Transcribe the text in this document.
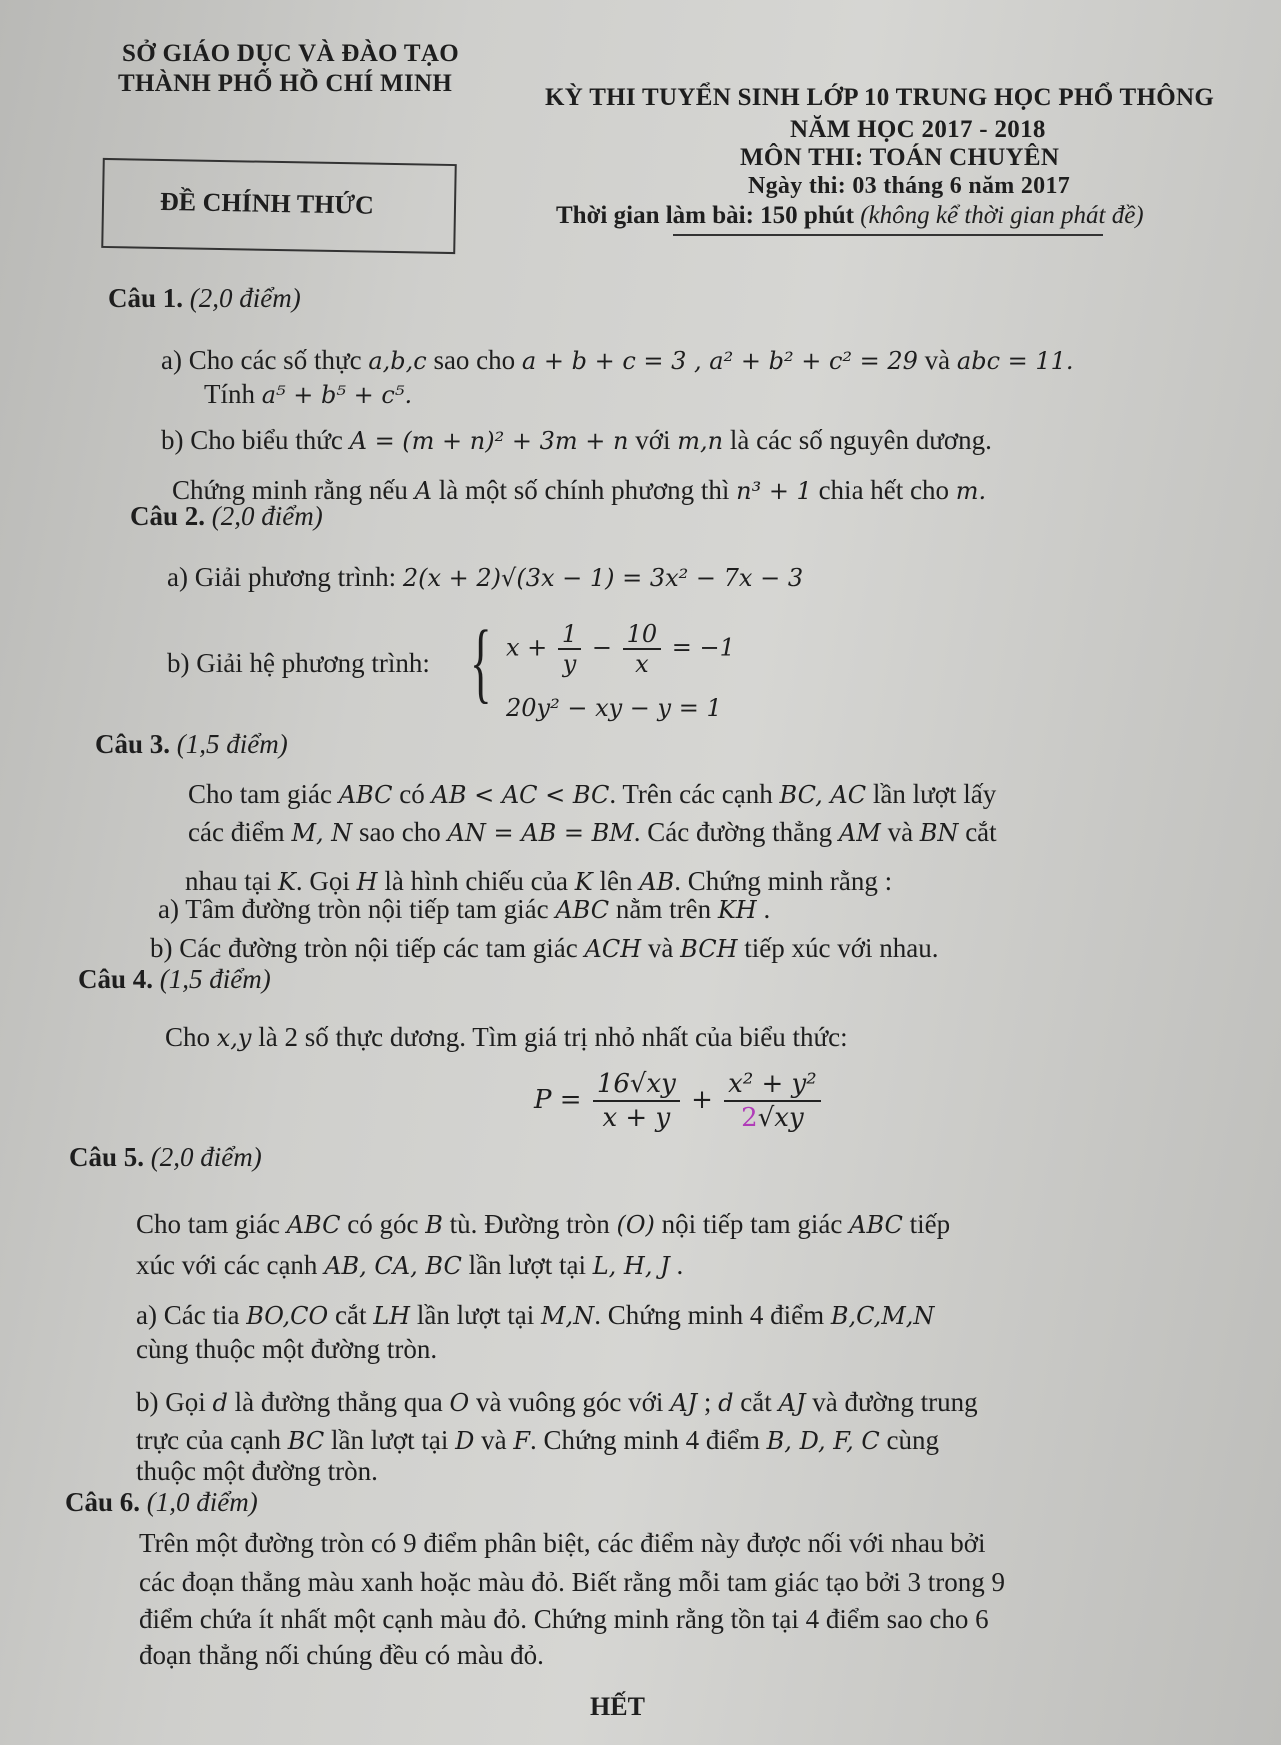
SỞ GIÁO DỤC VÀ ĐÀO TẠO
THÀNH PHỐ HỒ CHÍ MINH
ĐỀ CHÍNH THỨC
KỲ THI TUYỂN SINH LỚP 10 TRUNG HỌC PHỔ THÔNG
NĂM HỌC 2017 - 2018
MÔN THI: TOÁN CHUYÊN
Ngày thi: 03 tháng 6 năm 2017
Thời gian làm bài: 150 phút (không kể thời gian phát đề)
Câu 1. (2,0 điểm)
a) Cho các số thực a,b,c sao cho a + b + c = 3 , a² + b² + c² = 29 và abc = 11.
Tính a⁵ + b⁵ + c⁵.
b) Cho biểu thức A = (m + n)² + 3m + n với m,n là các số nguyên dương.
Chứng minh rằng nếu A là một số chính phương thì n³ + 1 chia hết cho m.
Câu 2. (2,0 điểm)
a) Giải phương trình: 2(x + 2)√(3x − 1) = 3x² − 7x − 3
b) Giải hệ phương trình: { $x + \frac{1}{y} - \frac{10}{x} = -1$
20y² − xy − y = 1
Câu 3. (1,5 điểm)
Cho tam giác ABC có AB < AC < BC. Trên các cạnh BC, AC lần lượt lấy
các điểm M, N sao cho AN = AB = BM. Các đường thẳng AM và BN cắt
nhau tại K. Gọi H là hình chiếu của K lên AB. Chứng minh rằng :
a) Tâm đường tròn nội tiếp tam giác ABC nằm trên KH .
b) Các đường tròn nội tiếp các tam giác ACH và BCH tiếp xúc với nhau.
Câu 4. (1,5 điểm)
Cho x,y là 2 số thực dương. Tìm giá trị nhỏ nhất của biểu thức:
$P = \frac{16√xy}{x + y} + \frac{\text{x² + y²}}{2√xy}$
Câu 5. (2,0 điểm)
Cho tam giác ABC có góc B tù. Đường tròn (O) nội tiếp tam giác ABC tiếp
xúc với các cạnh AB, CA, BC lần lượt tại L, H, J .
a) Các tia BO,CO cắt LH lần lượt tại M,N. Chứng minh 4 điểm B,C,M,N
cùng thuộc một đường tròn.
b) Gọi d là đường thẳng qua O và vuông góc với AJ ; d cắt AJ và đường trung
trực của cạnh BC lần lượt tại D và F. Chứng minh 4 điểm B, D, F, C cùng
thuộc một đường tròn.
Câu 6. (1,0 điểm)
Trên một đường tròn có 9 điểm phân biệt, các điểm này được nối với nhau bởi
các đoạn thẳng màu xanh hoặc màu đỏ. Biết rằng mỗi tam giác tạo bởi 3 trong 9
điểm chứa ít nhất một cạnh màu đỏ. Chứng minh rằng tồn tại 4 điểm sao cho 6
đoạn thẳng nối chúng đều có màu đỏ.
HẾT
